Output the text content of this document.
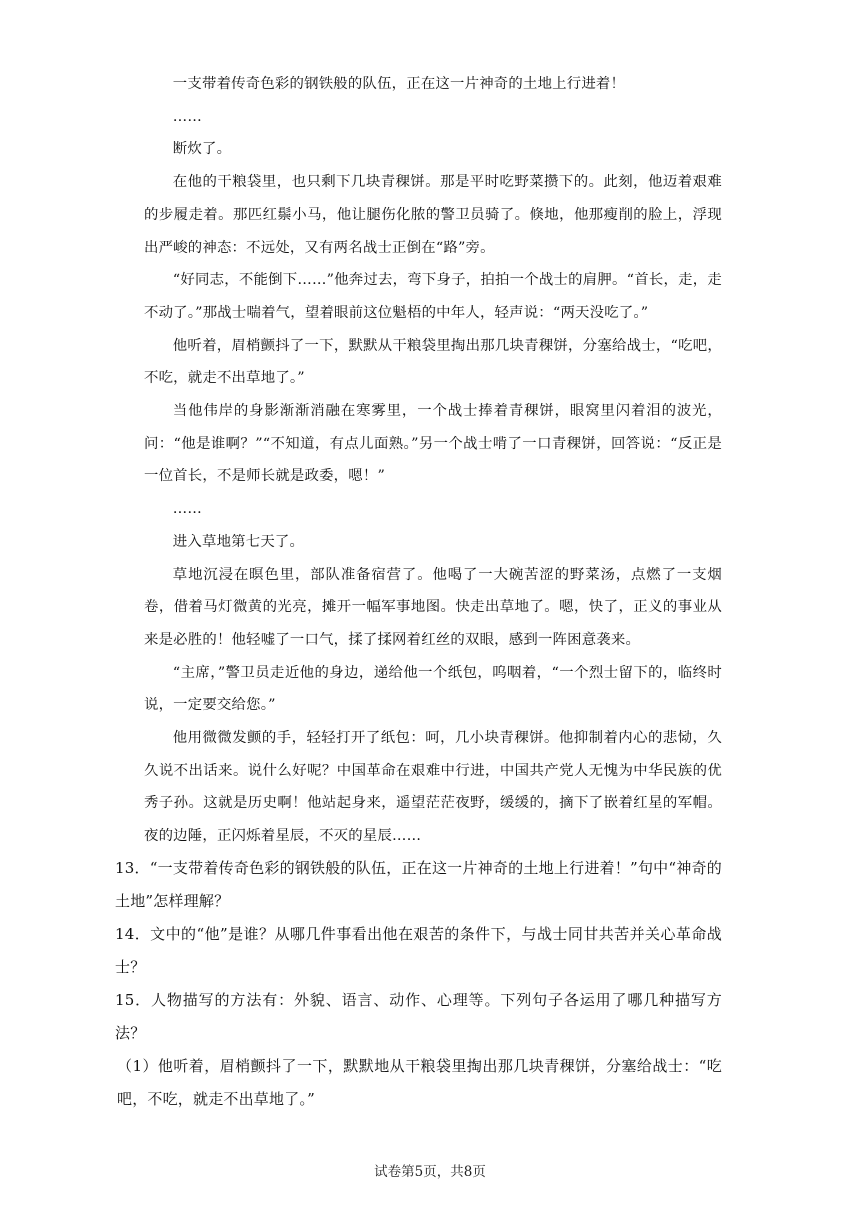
一支带着传奇色彩的钢铁般的队伍，正在这一片神奇的土地上行进着！

……

断炊了。

在他的干粮袋里，也只剩下几块青稞饼。那是平时吃野菜攒下的。此刻，他迈着艰难的步履走着。那匹红鬃小马，他让腿伤化脓的警卫员骑了。倏地，他那瘦削的脸上，浮现出严峻的神态：不远处，又有两名战士正倒在“路”旁。

“好同志，不能倒下……”他奔过去，弯下身子，拍拍一个战士的肩胛。“首长，走，走不动了。”那战士喘着气，望着眼前这位魁梧的中年人，轻声说：“两天没吃了。”

他听着，眉梢颤抖了一下，默默从干粮袋里掏出那几块青稞饼，分塞给战士，“吃吧，不吃，就走不出草地了。”

当他伟岸的身影渐渐消融在寒雾里，一个战士捧着青稞饼，眼窝里闪着泪的波光，问：“他是谁啊？”“不知道，有点儿面熟。”另一个战士啃了一口青稞饼，回答说：“反正是一位首长，不是师长就是政委，嗯！”

……

进入草地第七天了。

草地沉浸在暝色里，部队准备宿营了。他喝了一大碗苦涩的野菜汤，点燃了一支烟卷，借着马灯微黄的光亮，摊开一幅军事地图。快走出草地了。嗯，快了，正义的事业从来是必胜的！他轻嘘了一口气，揉了揉网着红丝的双眼，感到一阵困意袭来。

“主席，”警卫员走近他的身边，递给他一个纸包，呜咽着，“一个烈士留下的，临终时说，一定要交给您。”

他用微微发颤的手，轻轻打开了纸包：呵，几小块青稞饼。他抑制着内心的悲恸，久久说不出话来。说什么好呢？中国革命在艰难中行进，中国共产党人无愧为中华民族的优秀子孙。这就是历史啊！他站起身来，遥望茫茫夜野，缓缓的，摘下了嵌着红星的军帽。夜的边陲，正闪烁着星辰，不灭的星辰……

13．“一支带着传奇色彩的钢铁般的队伍，正在这一片神奇的土地上行进着！”句中“神奇的土地”怎样理解？

14．文中的“他”是谁？从哪几件事看出他在艰苦的条件下，与战士同甘共苦并关心革命战士？

15．人物描写的方法有：外貌、语言、动作、心理等。下列句子各运用了哪几种描写方法？

（1）他听着，眉梢颤抖了一下，默默地从干粮袋里掏出那几块青稞饼，分塞给战士：“吃吧，不吃，就走不出草地了。”

试卷第5页，共8页
